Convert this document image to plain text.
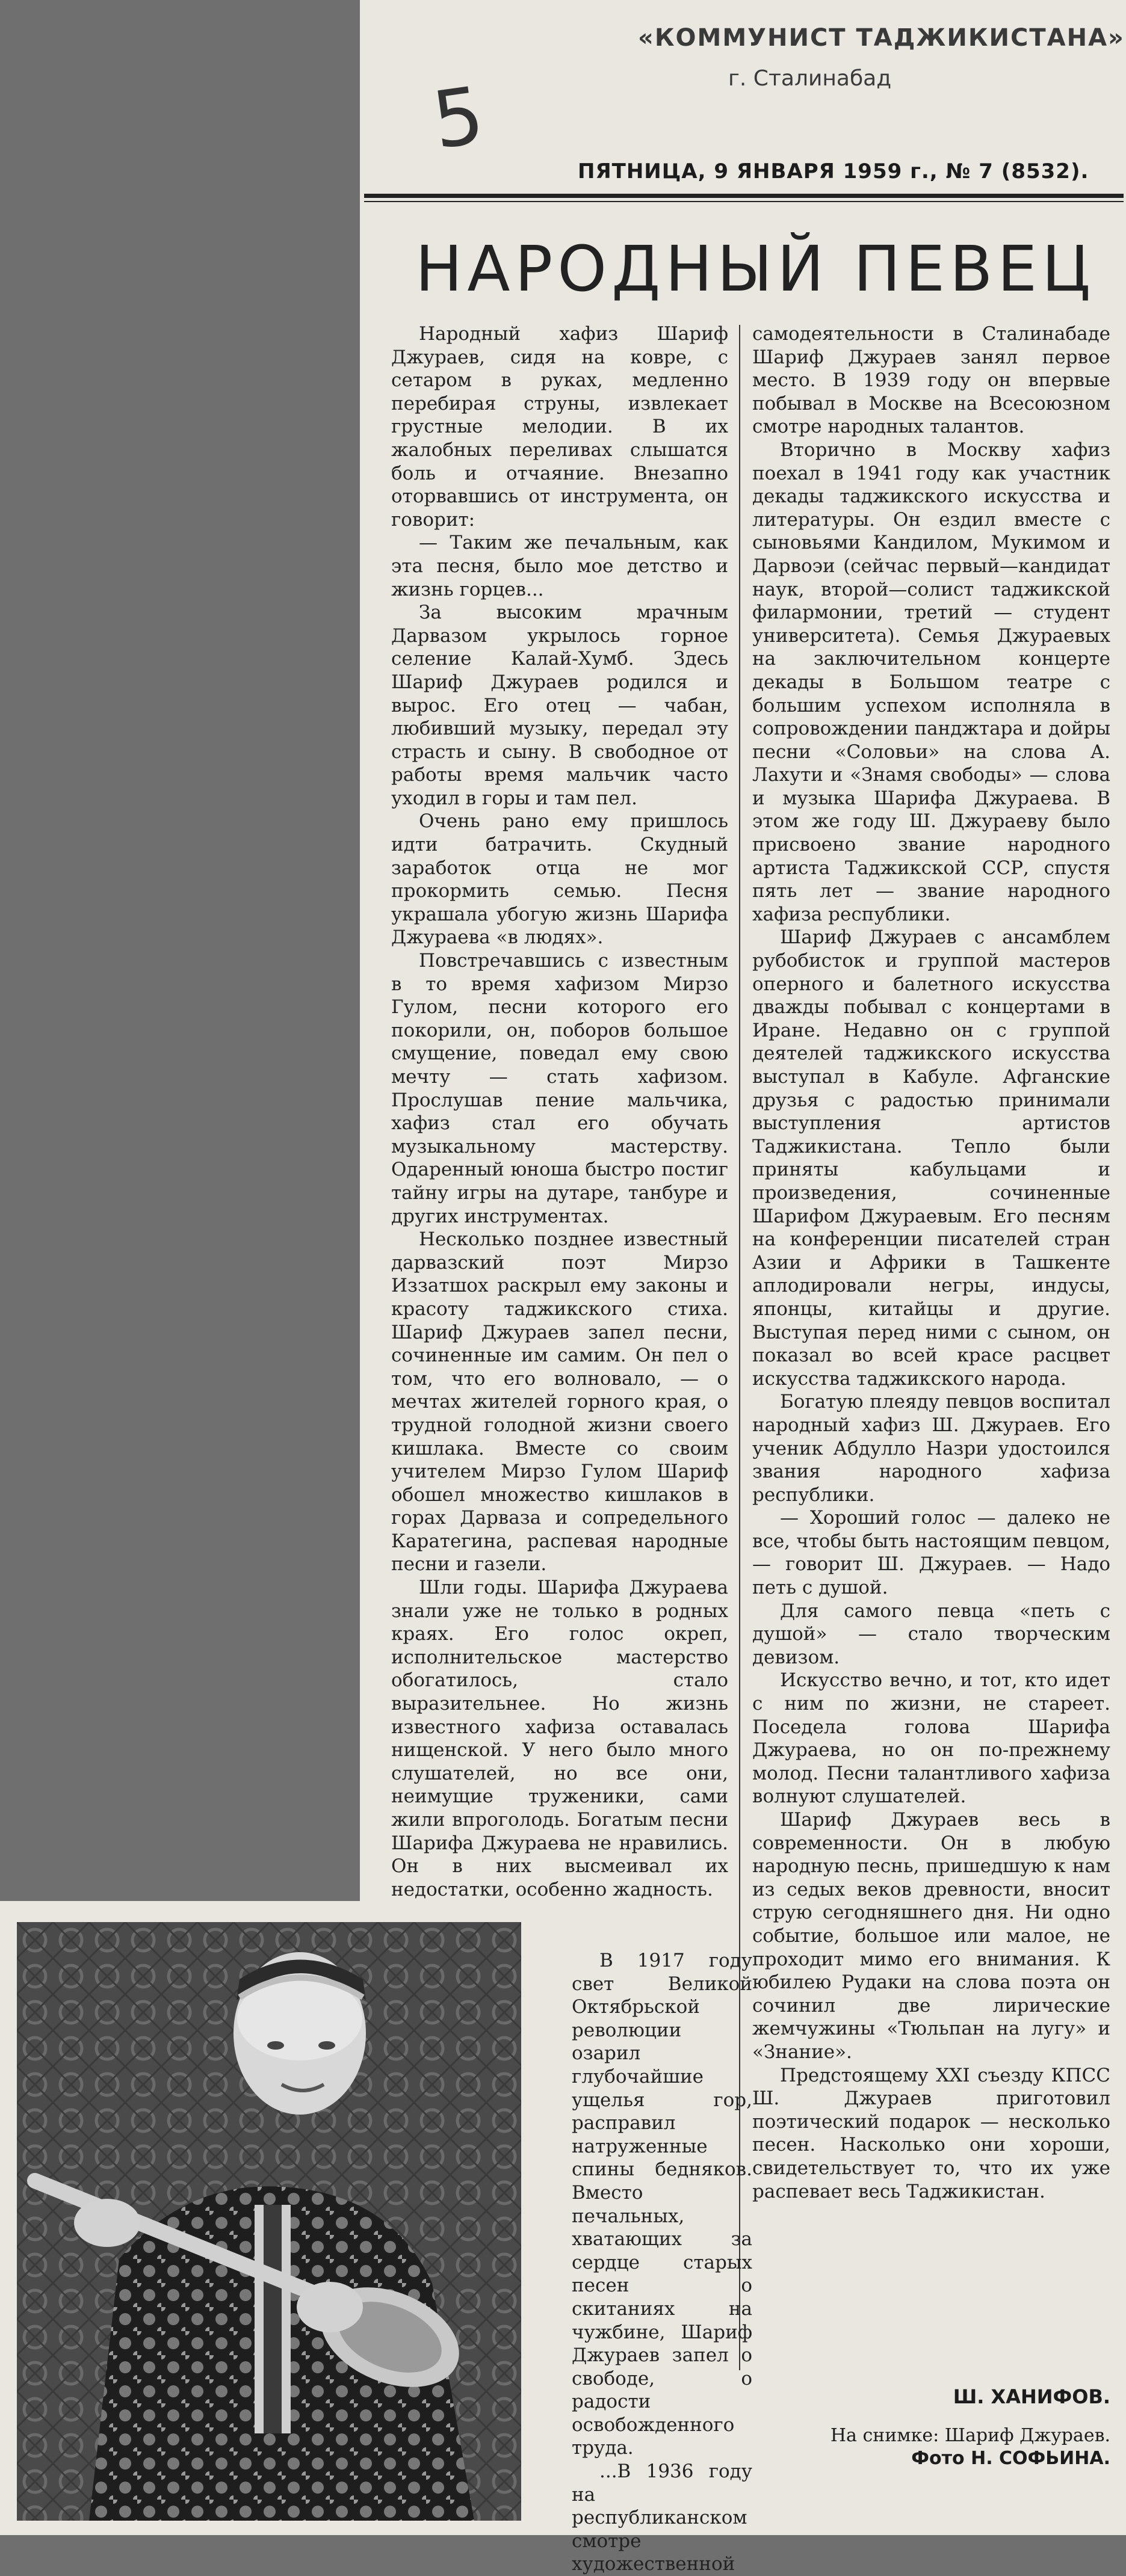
5
«КОММУНИСТ ТАДЖИКИСТАНА»
г. Сталинабад
ПЯТНИЦА, 9 ЯНВАРЯ 1959 г., № 7 (8532).
НАРОДНЫЙ ПЕВЕЦ

Народный хафиз Шариф Джураев, сидя на ковре, с сетаром в руках, медленно перебирая струны, извлекает грустные мелодии. В их жалобных переливах слышатся боль и отчаяние. Внезапно оторвавшись от инструмента, он говорит:

— Таким же печальным, как эта песня, было мое детство и жизнь горцев...

За высоким мрачным Дарвазом укрылось горное селение Калай-Хумб. Здесь Шариф Джураев родился и вырос. Его отец — чабан, любивший музыку, передал эту страсть и сыну. В свободное от работы время мальчик часто уходил в горы и там пел.

Очень рано ему пришлось идти батрачить. Скудный заработок отца не мог прокормить семью. Песня украшала убогую жизнь Шарифа Джураева «в людях».

Повстречавшись с известным в то время хафизом Мирзо Гулом, песни которого его покорили, он, поборов большое смущение, поведал ему свою мечту — стать хафизом. Прослушав пение мальчика, хафиз стал его обучать музыкальному мастерству. Одаренный юноша быстро постиг тайну игры на дутаре, танбуре и других инструментах.

Несколько позднее известный дарвазский поэт Мирзо Иззатшох раскрыл ему законы и красоту таджикского стиха. Шариф Джураев запел песни, сочиненные им самим. Он пел о том, что его волновало, — о мечтах жителей горного края, о трудной голодной жизни своего кишлака. Вместе со своим учителем Мирзо Гулом Шариф обошел множество кишлаков в горах Дарваза и сопредельного Каратегина, распевая народные песни и газели.

Шли годы. Шарифа Джураева знали уже не только в родных краях. Его голос окреп, исполнительское мастерство обогатилось, стало выразительнее. Но жизнь известного хафиза оставалась нищенской. У него было много слушателей, но все они, неимущие труженики, сами жили впроголодь. Богатым песни Шарифа Джураева не нравились. Он в них высмеивал их недостатки, особенно жадность.

В 1917 году свет Великой Октябрьской революции озарил глубочайшие ущелья гор, расправил натруженные спины бедняков. Вместо печальных, хватающих за сердце старых песен о скитаниях на чужбине, Шариф Джураев запел о свободе, о радости освобожденного труда.

...В 1936 году на республиканском смотре художественной

самодеятельности в Сталинабаде Шариф Джураев занял первое место. В 1939 году он впервые побывал в Москве на Всесоюзном смотре народных талантов.

Вторично в Москву хафиз поехал в 1941 году как участник декады таджикского искусства и литературы. Он ездил вместе с сыновьями Кандилом, Мукимом и Дарвоэи (сейчас первый—кандидат наук, второй—солист таджикской филармонии, третий — студент университета). Семья Джураевых на заключительном концерте декады в Большом театре с большим успехом исполняла в сопровождении панджтара и дойры песни «Соловьи» на слова А. Лахути и «Знамя свободы» — слова и музыка Шарифа Джураева. В этом же году Ш. Джураеву было присвоено звание народного артиста Таджикской ССР, спустя пять лет — звание народного хафиза республики.

Шариф Джураев с ансамблем рубобисток и группой мастеров оперного и балетного искусства дважды побывал с концертами в Иране. Недавно он с группой деятелей таджикского искусства выступал в Кабуле. Афганские друзья с радостью принимали выступления артистов Таджикистана. Тепло были приняты кабульцами и произведения, сочиненные Шарифом Джураевым. Его песням на конференции писателей стран Азии и Африки в Ташкенте аплодировали негры, индусы, японцы, китайцы и другие. Выступая перед ними с сыном, он показал во всей красе расцвет искусства таджикского народа.

Богатую плеяду певцов воспитал народный хафиз Ш. Джураев. Его ученик Абдулло Назри удостоился звания народного хафиза республики.

— Хороший голос — далеко не все, чтобы быть настоящим певцом, — говорит Ш. Джураев. — Надо петь с душой.

Для самого певца «петь с душой» — стало творческим девизом.

Искусство вечно, и тот, кто идет с ним по жизни, не стареет. Поседела голова Шарифа Джураева, но он по-прежнему молод. Песни талантливого хафиза волнуют слушателей.

Шариф Джураев весь в современности. Он в любую народную песнь, пришедшую к нам из седых веков древности, вносит струю сегодняшнего дня. Ни одно событие, большое или малое, не проходит мимо его внимания. К юбилею Рудаки на слова поэта он сочинил две лирические жемчужины «Тюльпан на лугу» и «Знание».

Предстоящему XXI съезду КПСС Ш. Джураев приготовил поэтический подарок — несколько песен. Насколько они хороши, свидетельствует то, что их уже распевает весь Таджикистан.

Ш. ХАНИФОВ.
На снимке: Шариф Джураев.
Фото Н. СОФЬИНА.
